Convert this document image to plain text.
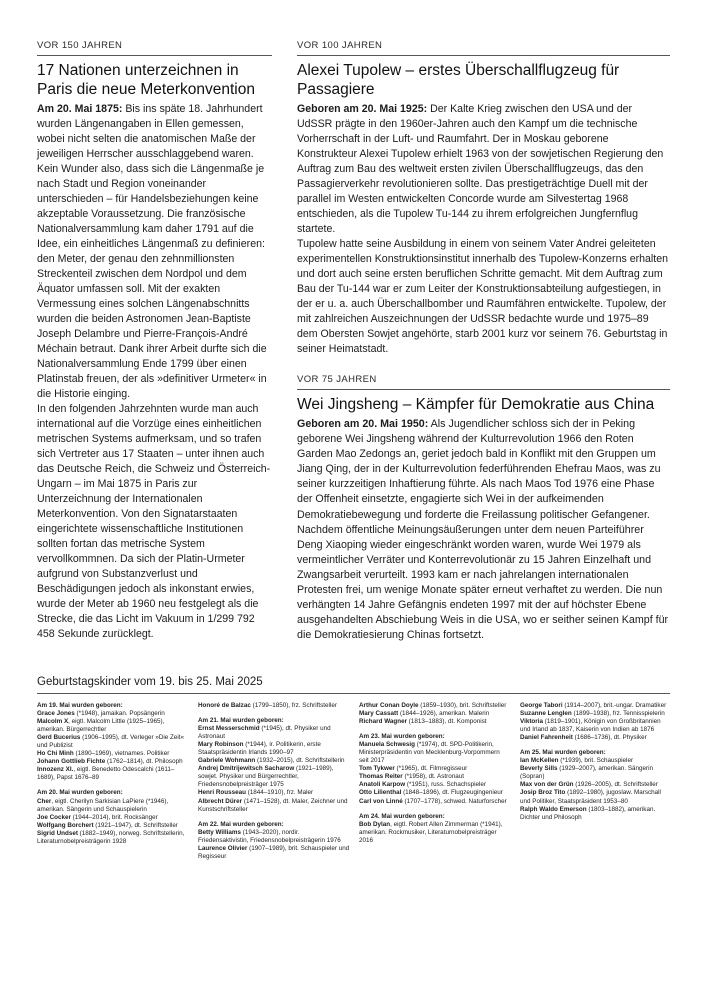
VOR 150 JAHREN
17 Nationen unterzeichnen in Paris die neue Meterkonvention

Am 20. Mai 1875: Bis ins späte 18. Jahrhundert wurden Längenangaben in Ellen gemessen, wobei nicht selten die anatomischen Maße der jeweiligen Herrscher ausschlaggebend waren. Kein Wunder also, dass sich die Längenmaße je nach Stadt und Region voneinander unterschieden – für Handelsbeziehungen keine akzeptable Voraussetzung. Die französische Nationalversammlung kam daher 1791 auf die Idee, ein einheitliches Längenmaß zu definieren: den Meter, der genau den zehnmillionsten Streckenteil zwischen dem Nordpol und dem Äquator umfassen soll. Mit der exakten Vermessung eines solchen Längenabschnitts wurden die beiden Astronomen Jean-Baptiste Joseph Delambre und Pierre-François-André Méchain betraut. Dank ihrer Arbeit durfte sich die Nationalversammlung Ende 1799 über einen Platinstab freuen, der als »definitiver Urmeter« in die Historie einging.

In den folgenden Jahrzehnten wurde man auch international auf die Vorzüge eines einheitlichen metrischen Systems aufmerksam, und so trafen sich Vertreter aus 17 Staaten – unter ihnen auch das Deutsche Reich, die Schweiz und Österreich-Ungarn – im Mai 1875 in Paris zur Unterzeichnung der Internationalen Meterkonvention. Von den Signatarstaaten eingerichtete wissenschaftliche Institutionen sollten fortan das metrische System vervollkommnen. Da sich der Platin-Urmeter aufgrund von Substanzverlust und Beschädigungen jedoch als inkonstant erwies, wurde der Meter ab 1960 neu festgelegt als die Strecke, die das Licht im Vakuum in 1/299 792 458 Sekunde zurücklegt.

VOR 100 JAHREN
Alexei Tupolew – erstes Überschallflugzeug für Passagiere

Geboren am 20. Mai 1925: Der Kalte Krieg zwischen den USA und der UdSSR prägte in den 1960er-Jahren auch den Kampf um die technische Vorherrschaft in der Luft- und Raumfahrt. Der in Moskau geborene Konstrukteur Alexei Tupolew erhielt 1963 von der sowjetischen Regierung den Auftrag zum Bau des weltweit ersten zivilen Überschallflugzeugs, das den Passagierverkehr revolutionieren sollte. Das prestigeträchtige Duell mit der parallel im Westen entwickelten Concorde wurde am Silvestertag 1968 entschieden, als die Tupolew Tu-144 zu ihrem erfolgreichen Jungfernflug startete.

Tupolew hatte seine Ausbildung in einem von seinem Vater Andrei geleiteten experimentellen Konstruktionsinstitut innerhalb des Tupolew-Konzerns erhalten und dort auch seine ersten beruflichen Schritte gemacht. Mit dem Auftrag zum Bau der Tu-144 war er zum Leiter der Konstruktionsabteilung aufgestiegen, in der er u. a. auch Überschallbomber und Raumfähren entwickelte. Tupolew, der mit zahlreichen Auszeichnungen der UdSSR bedachte wurde und 1975–89 dem Obersten Sowjet angehörte, starb 2001 kurz vor seinem 76. Geburtstag in seiner Heimatstadt.

VOR 75 JAHREN
Wei Jingsheng – Kämpfer für Demokratie aus China

Geboren am 20. Mai 1950: Als Jugendlicher schloss sich der in Peking geborene Wei Jingsheng während der Kulturrevolution 1966 den Roten Garden Mao Zedongs an, geriet jedoch bald in Konflikt mit den Gruppen um Jiang Qing, der in der Kulturrevolution federführenden Ehefrau Maos, was zu seiner kurzzeitigen Inhaftierung führte. Als nach Maos Tod 1976 eine Phase der Offenheit einsetzte, engagierte sich Wei in der aufkeimenden Demokratiebewegung und forderte die Freilassung politischer Gefangener.

Nachdem öffentliche Meinungsäußerungen unter dem neuen Parteiführer Deng Xiaoping wieder eingeschränkt worden waren, wurde Wei 1979 als vermeintlicher Verräter und Konterrevolutionär zu 15 Jahren Einzelhaft und Zwangsarbeit verurteilt. 1993 kam er nach jahrelangen internationalen Protesten frei, um wenige Monate später erneut verhaftet zu werden. Die nun verhängten 14 Jahre Gefängnis endeten 1997 mit der auf höchster Ebene ausgehandelten Abschiebung Weis in die USA, wo er seither seinen Kampf für die Demokratiesierung Chinas fortsetzt.

Geburtstagskinder vom 19. bis 25. Mai 2025
Am 19. Mai wurden geboren:
Grace Jones (*1948), jamaikan. Popsängerin
Malcolm X, eigtl. Malcolm Little (1925–1965), amerikan. Bürgerrechtler
Gerd Bucerius (1906–1995), dt. Verleger »Die Zeit« und Publizist
Ho Chi Minh (1890–1969), vietnames. Politiker
Johann Gottlieb Fichte (1762–1814), dt. Philosoph
Innozenz XI., eigtl. Benedetto Odescalchi (1611–1689), Papst 1676–89
Am 20. Mai wurden geboren:
Cher, eigtl. Cherilyn Sarkisian LaPiere (*1946), amerikan. Sängerin und Schauspielerin
Joe Cocker (1944–2014), brit. Rocksänger
Wolfgang Borchert (1921–1947), dt. Schriftsteller
Sigrid Undset (1882–1949), norweg. Schriftstellerin, Literaturnobelpreisträgerin 1928
Honoré de Balzac (1799–1850), frz. Schriftsteller
Am 21. Mai wurden geboren:
Ernst Messerschmid (*1945), dt. Physiker und Astronaut
Mary Robinson (*1944), ir. Politikerin, erste Staatspräsidentin Irlands 1990–97
Gabriele Wohmann (1932–2015), dt. Schriftstellerin
Andrej Dmitrijewitsch Sacharow (1921–1989), sowjet. Physiker und Bürgerrechtler, Friedensnobelpreisträger 1975
Henri Rousseau (1844–1910), frz. Maler
Albrecht Dürer (1471–1528), dt. Maler, Zeichner und Kunstschriftsteller
Am 22. Mai wurden geboren:
Betty Williams (1943–2020), nordir. Friedensaktivistin, Friedensnobelpreisträgerin 1976
Laurence Olivier (1907–1989), brit. Schauspieler und Regisseur
Arthur Conan Doyle (1859–1930), brit. Schriftsteller
Mary Cassatt (1844–1926), amerikan. Malerin
Richard Wagner (1813–1883), dt. Komponist
Am 23. Mai wurden geboren:
Manuela Schwesig (*1974), dt. SPD-Politikerin, Ministerpräsidentin von Mecklenburg-Vorpommern seit 2017
Tom Tykwer (*1965), dt. Filmregisseur
Thomas Reiter (*1958), dt. Astronaut
Anatoli Karpow (*1951), russ. Schachspieler
Otto Lilienthal (1848–1896), dt. Flugzeugingenieur
Carl von Linné (1707–1778), schwed. Naturforscher
Am 24. Mai wurden geboren:
Bob Dylan, eigtl. Robert Allen Zimmerman (*1941), amerikan. Rockmusiker, Literaturnobelpreisträger 2016
George Tabori (1914–2007), brit.-ungar. Dramatiker
Suzanne Lenglen (1899–1938), frz. Tennisspielerin
Viktoria (1819–1901), Königin von Großbritannien und Irland ab 1837, Kaiserin von Indien ab 1876
Daniel Fahrenheit (1686–1736), dt. Physiker
Am 25. Mai wurden geboren:
Ian McKellen (*1939), brit. Schauspieler
Beverly Sills (1929–2007), amerikan. Sängerin (Sopran)
Max von der Grün (1926–2005), dt. Schriftsteller
Josip Broz Tito (1892–1980), jugoslaw. Marschall und Politiker, Staatspräsident 1953–80
Ralph Waldo Emerson (1803–1882), amerikan. Dichter und Philosoph
